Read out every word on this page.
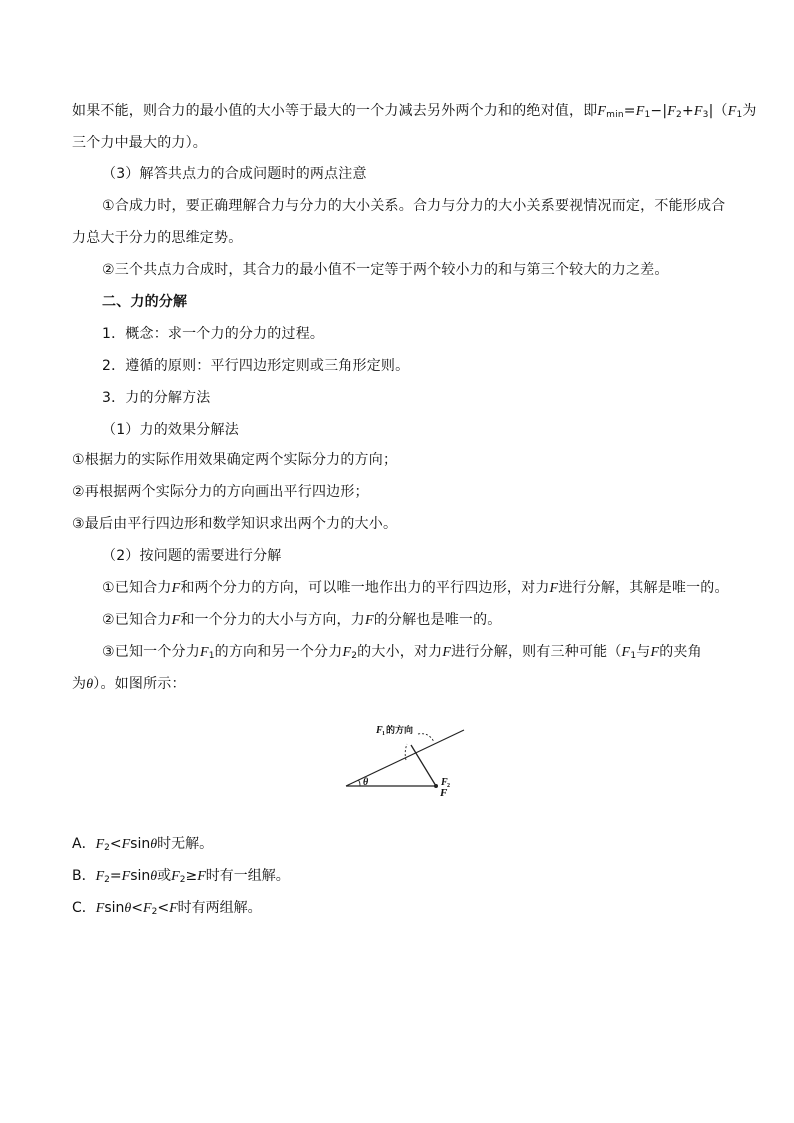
如果不能，则合力的最小值的大小等于最大的一个力减去另外两个力和的绝对值，即$F_{min}=F_1-|F_2+F_3|(F_1$为
三个力中最大的力）。
（3）解答共点力的合成问题时的两点注意
①合成力时，要正确理解合力与分力的大小关系。合力与分力的大小关系要视情况而定，不能形成合
力总大于分力的思维定势。
②三个共点力合成时，其合力的最小值不一定等于两个较小力的和与第三个较大的力之差。
二、力的分解
1．概念：求一个力的分力的过程。
2．遵循的原则：平行四边形定则或三角形定则。
3．力的分解方法
（1）力的效果分解法
①根据力的实际作用效果确定两个实际分力的方向；
②再根据两个实际分力的方向画出平行四边形；
③最后由平行四边形和数学知识求出两个力的大小。
（2）按问题的需要进行分解
①已知合力F和两个分力的方向，可以唯一地作出力的平行四边形，对力F进行分解，其解是唯一的。
②已知合力F和一个分力的大小与方向，力F的分解也是唯一的。
③已知一个分力$F_1$的方向和另一个分力$F_2$的大小，对力F进行分解，则有三种可能（$F_1$与F的夹角
为θ）。如图所示：
A．$F_2<Fsin\theta$时无解。
B．$F_2=Fsin\theta$或$F_2\ge F$时有一组解。
C．$Fsin\theta<F_2<F$时有两组解。
F 1 的方向
θ	F 2
F
